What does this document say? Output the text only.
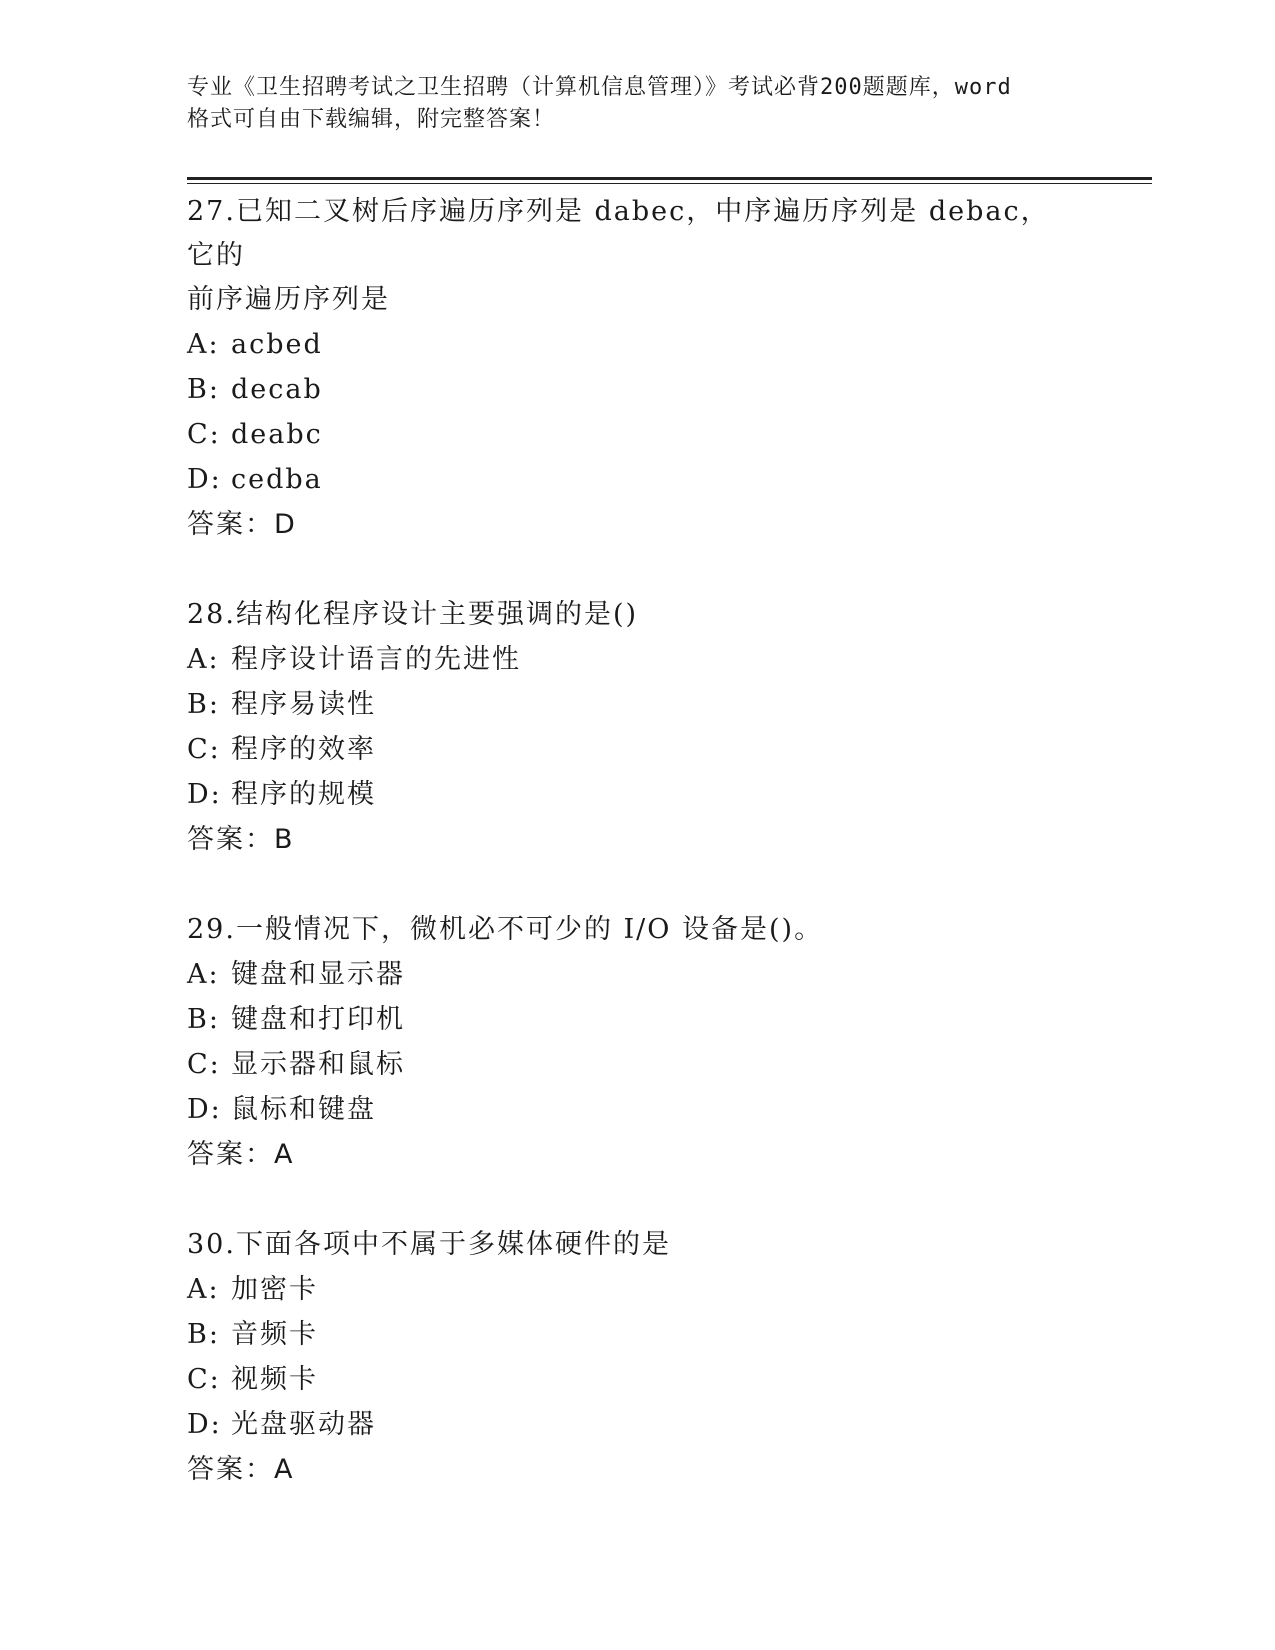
专业《卫生招聘考试之卫生招聘（计算机信息管理）》考试必背200题题库，word
格式可自由下载编辑，附完整答案！

27.已知二叉树后序遍历序列是 dabec，中序遍历序列是 debac，它的
前序遍历序列是

A: acbed

B: decab

C: deabc

D: cedba

答案：D

28.结构化程序设计主要强调的是()

A: 程序设计语言的先进性

B: 程序易读性

C: 程序的效率

D: 程序的规模

答案：B

29.一般情况下，微机必不可少的 I/O 设备是()。

A: 键盘和显示器

B: 键盘和打印机

C: 显示器和鼠标

D: 鼠标和键盘

答案：A

30.下面各项中不属于多媒体硬件的是

A: 加密卡

B: 音频卡

C: 视频卡

D: 光盘驱动器

答案：A
